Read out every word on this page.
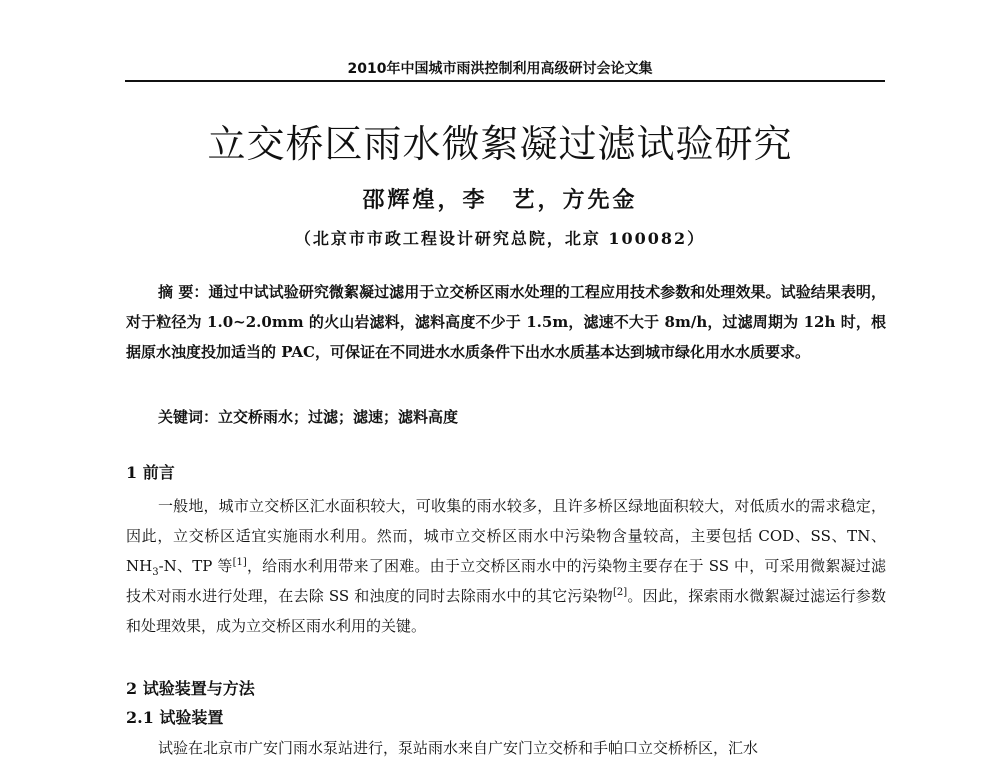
2010年中国城市雨洪控制利用高级研讨会论文集
立交桥区雨水微絮凝过滤试验研究
邵辉煌，李　艺，方先金
（北京市市政工程设计研究总院，北京 100082）
摘 要：通过中试试验研究微絮凝过滤用于立交桥区雨水处理的工程应用技术参数和处理效果。试验结果表明，对于粒径为 1.0~2.0mm 的火山岩滤料，滤料高度不少于 1.5m，滤速不大于 8m/h，过滤周期为 12h 时，根据原水浊度投加适当的 PAC，可保证在不同进水水质条件下出水水质基本达到城市绿化用水水质要求。
关键词：立交桥雨水；过滤；滤速；滤料高度
1 前言
一般地，城市立交桥区汇水面积较大，可收集的雨水较多，且许多桥区绿地面积较大，对低质水的需求稳定，因此，立交桥区适宜实施雨水利用。然而，城市立交桥区雨水中污染物含量较高，主要包括 COD、SS、TN、$NH_3-N$、TP 等[1]，给雨水利用带来了困难。由于立交桥区雨水中的污染物主要存在于 SS 中，可采用微絮凝过滤技术对雨水进行处理，在去除 SS 和浊度的同时去除雨水中的其它污染物[2]。因此，探索雨水微絮凝过滤运行参数和处理效果，成为立交桥区雨水利用的关键。
2 试验装置与方法
2.1 试验装置
试验在北京市广安门雨水泵站进行，泵站雨水来自广安门立交桥和手帕口立交桥桥区，汇水
